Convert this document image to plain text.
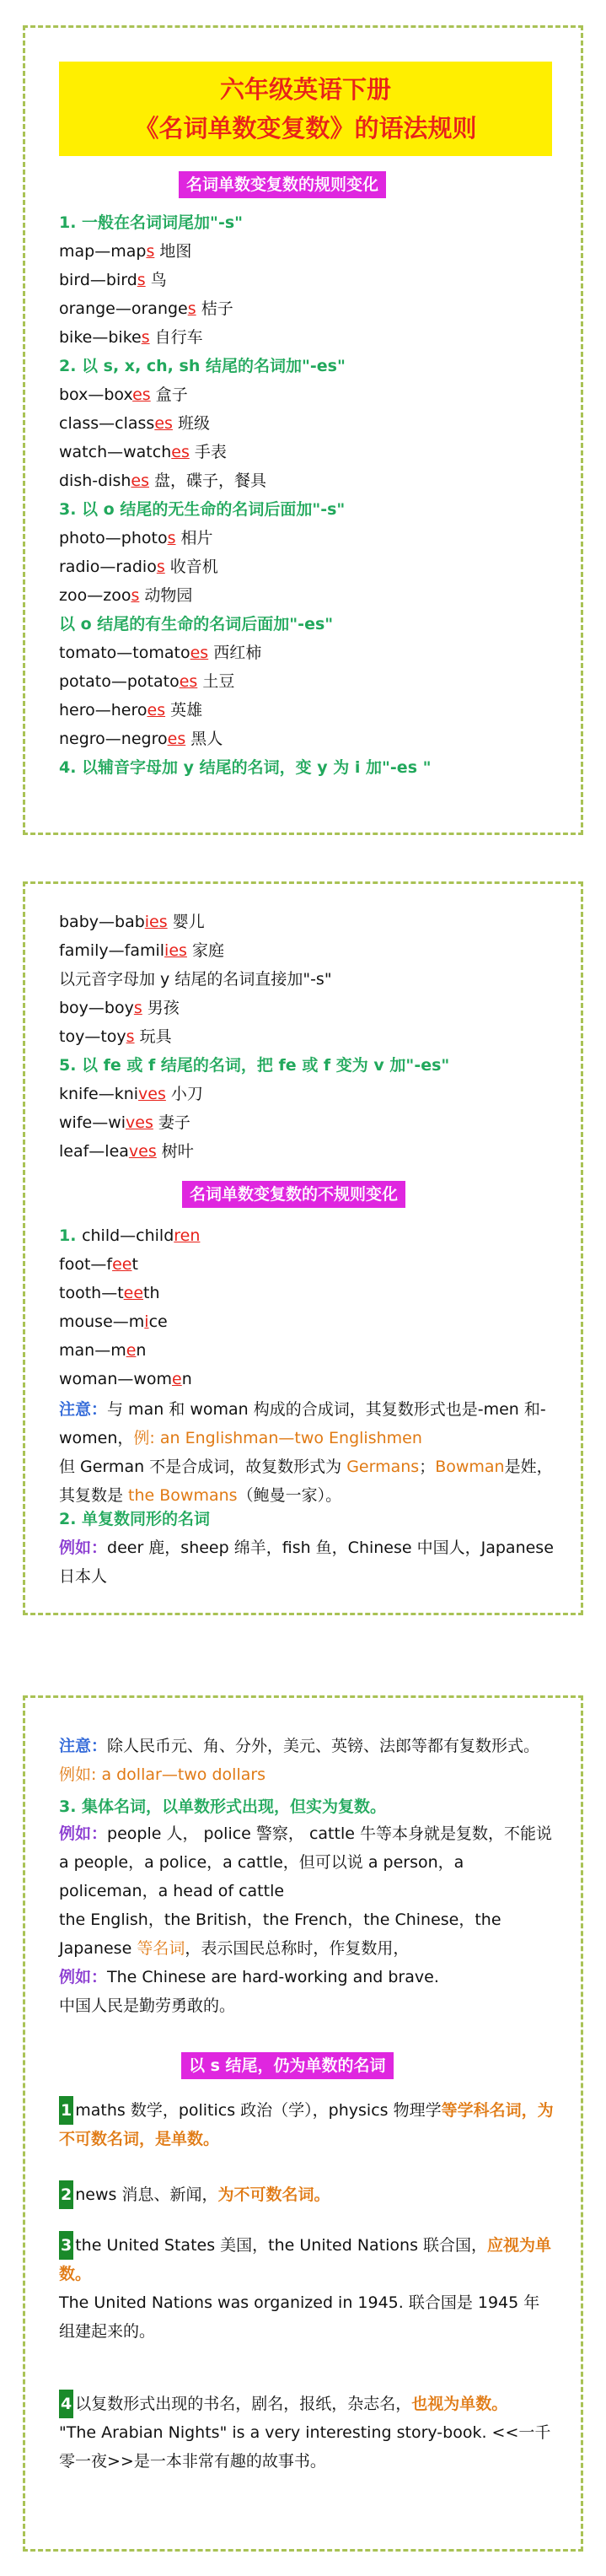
六年级英语下册
《名词单数变复数》的语法规则
名词单数变复数的规则变化
1. 一般在名词词尾加"-s"
map—maps 地图
bird—birds 鸟
orange—oranges 桔子
bike—bikes 自行车
2. 以 s, x, ch, sh 结尾的名词加"-es"
box—boxes 盒子
class—classes 班级
watch—watches 手表
dish-dishes 盘，碟子，餐具
3. 以 o 结尾的无生命的名词后面加"-s"
photo—photos 相片
radio—radios 收音机
zoo—zoos 动物园
以 o 结尾的有生命的名词后面加"-es"
tomato—tomatoes 西红柿
potato—potatoes 土豆
hero—heroes 英雄
negro—negroes 黑人
4. 以辅音字母加 y 结尾的名词，变 y 为 i 加"-es "
baby—babies 婴儿
family—families 家庭
以元音字母加 y 结尾的名词直接加"-s"
boy—boys 男孩
toy—toys 玩具
5. 以 fe 或 f 结尾的名词，把 fe 或 f 变为 v 加"-es"
knife—knives 小刀
wife—wives 妻子
leaf—leaves 树叶
名词单数变复数的不规则变化
1. child—children
foot—feet
tooth—teeth
mouse—mice
man—men
woman—women
注意：与 man 和 woman 构成的合成词，其复数形式也是-men 和-women，例: an Englishman—two Englishmen
但 German 不是合成词，故复数形式为 Germans；Bowman是姓，其复数是 the Bowmans（鲍曼一家）。
2. 单复数同形的名词
例如：deer 鹿，sheep 绵羊，fish 鱼，Chinese 中国人，Japanese 日本人
注意：除人民币元、角、分外，美元、英镑、法郎等都有复数形式。例如: a dollar—two dollars
3. 集体名词，以单数形式出现，但实为复数。
例如：people 人， police 警察， cattle 牛等本身就是复数，不能说 a people，a police，a cattle，但可以说 a person，a policeman，a head of cattle
the English，the British，the French，the Chinese，the Japanese 等名词，表示国民总称时，作复数用，
例如：The Chinese are hard-working and brave.
中国人民是勤劳勇敢的。
以 s 结尾，仍为单数的名词
1 maths 数学，politics 政治（学），physics 物理学等学科名词，为不可数名词，是单数。
2 news 消息、新闻，为不可数名词。
3 the United States 美国，the United Nations 联合国，应视为单数。
The United Nations was organized in 1945. 联合国是 1945 年组建起来的。
4 以复数形式出现的书名，剧名，报纸，杂志名，也视为单数。
"The Arabian Nights" is a very interesting story-book. <<一千零一夜>>是一本非常有趣的故事书。
